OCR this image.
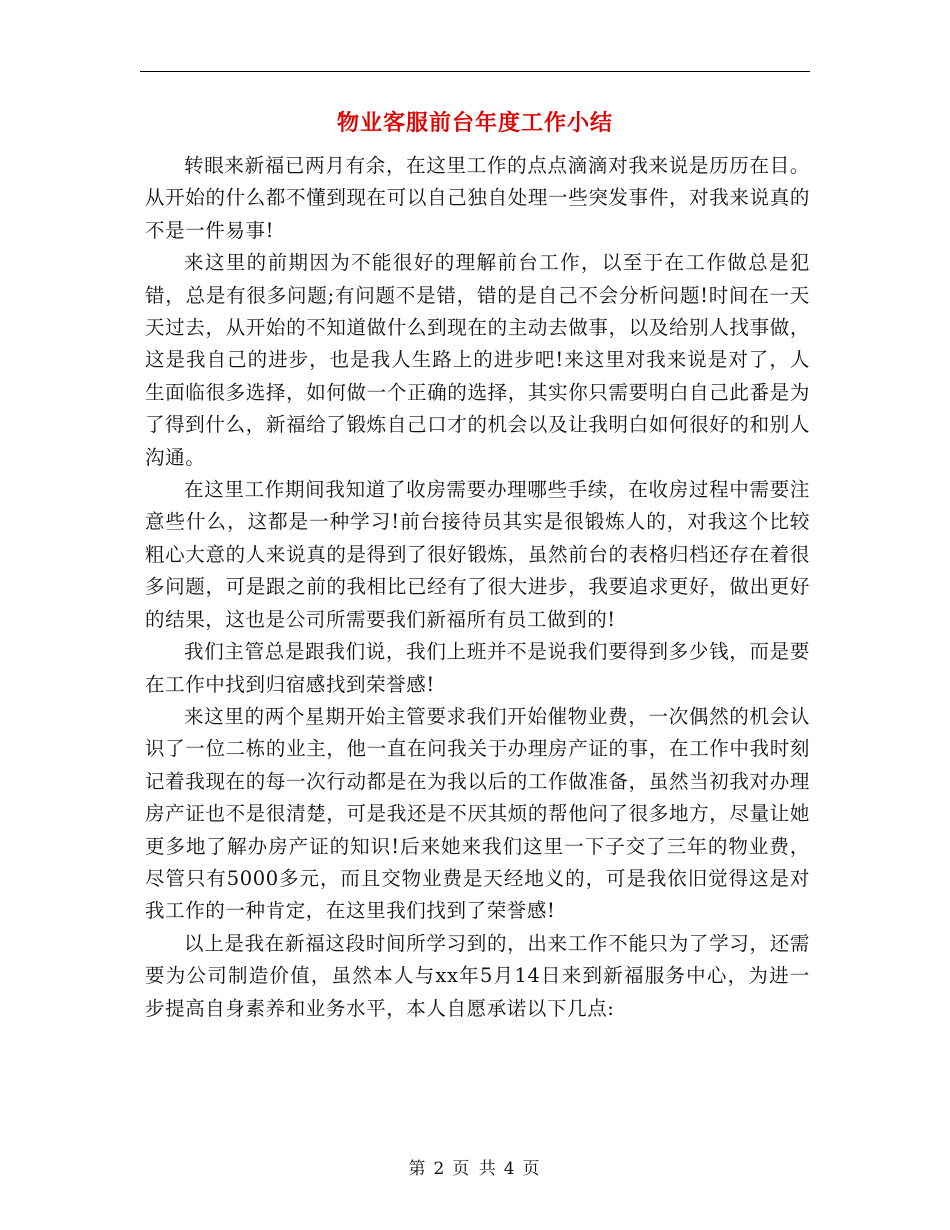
物业客服前台年度工作小结

转眼来新福已两月有余，在这里工作的点点滴滴对我来说是历历在目。从开始的什么都不懂到现在可以自己独自处理一些突发事件，对我来说真的不是一件易事!

来这里的前期因为不能很好的理解前台工作，以至于在工作做总是犯错，总是有很多问题;有问题不是错，错的是自己不会分析问题!时间在一天天过去，从开始的不知道做什么到现在的主动去做事，以及给别人找事做，这是我自己的进步，也是我人生路上的进步吧!来这里对我来说是对了，人生面临很多选择，如何做一个正确的选择，其实你只需要明白自己此番是为了得到什么，新福给了锻炼自己口才的机会以及让我明白如何很好的和别人沟通。

在这里工作期间我知道了收房需要办理哪些手续，在收房过程中需要注意些什么，这都是一种学习!前台接待员其实是很锻炼人的，对我这个比较粗心大意的人来说真的是得到了很好锻炼，虽然前台的表格归档还存在着很多问题，可是跟之前的我相比已经有了很大进步，我要追求更好，做出更好的结果，这也是公司所需要我们新福所有员工做到的!

我们主管总是跟我们说，我们上班并不是说我们要得到多少钱，而是要在工作中找到归宿感找到荣誉感!

来这里的两个星期开始主管要求我们开始催物业费，一次偶然的机会认识了一位二栋的业主，他一直在问我关于办理房产证的事，在工作中我时刻记着我现在的每一次行动都是在为我以后的工作做准备，虽然当初我对办理房产证也不是很清楚，可是我还是不厌其烦的帮他问了很多地方，尽量让她更多地了解办房产证的知识!后来她来我们这里一下子交了三年的物业费，尽管只有5000多元，而且交物业费是天经地义的，可是我依旧觉得这是对我工作的一种肯定，在这里我们找到了荣誉感!

以上是我在新福这段时间所学习到的，出来工作不能只为了学习，还需要为公司制造价值，虽然本人与xx年5月14日来到新福服务中心，为进一步提高自身素养和业务水平，本人自愿承诺以下几点:

第 2 页 共 4 页
